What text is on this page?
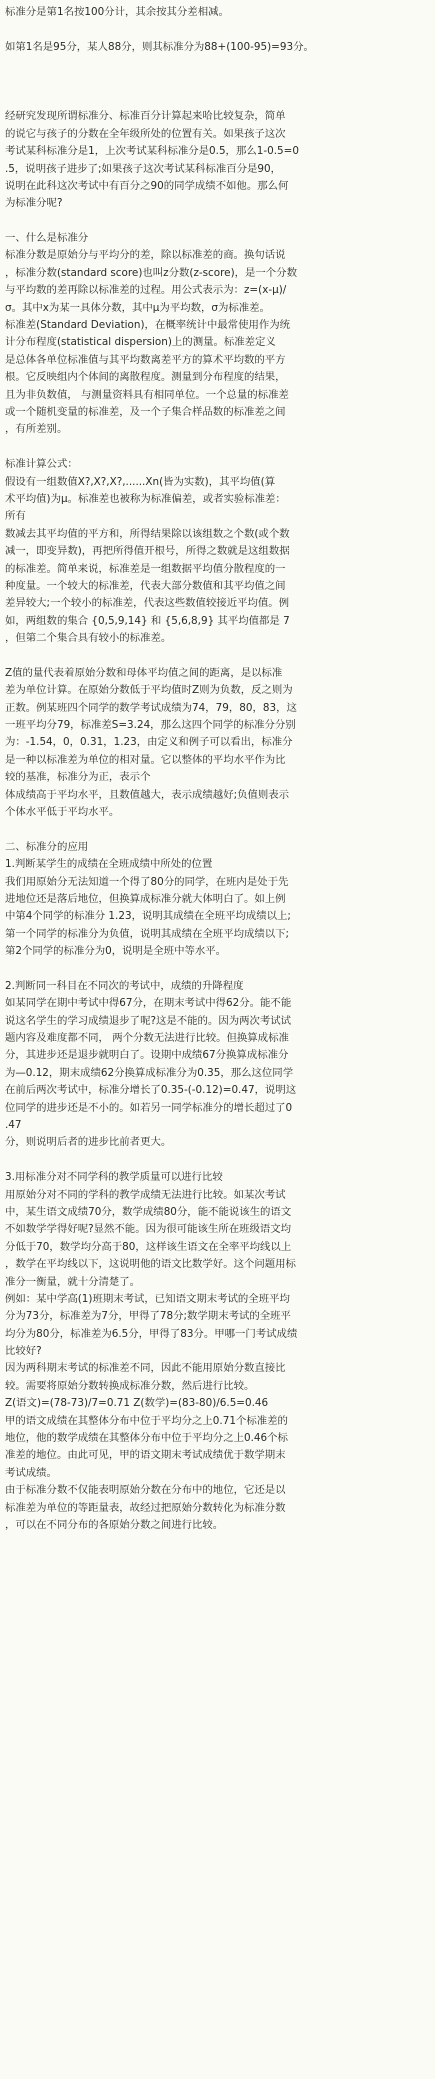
标准分是第1名按100分计，其余按其分差相减。
如第1名是95分，某人88分，则其标准分为88+(100-95)=93分。
经研究发现所谓标准分、标准百分计算起来哈比较复杂，简单
的说它与孩子的分数在全年级所处的位置有关。如果孩子这次
考试某科标准分是1，上次考试某科标准分是0.5，那么1-0.5=0
.5，说明孩子进步了;如果孩子这次考试某科标准百分是90，
说明在此科这次考试中有百分之90的同学成绩不如他。那么何
为标准分呢?
一、什么是标准分
标准分数是原始分与平均分的差，除以标准差的商。换句话说
，标准分数(standard score)也叫z分数(z-score)，是一个分数
与平均数的差再除以标准差的过程。用公式表示为：z=(x-μ)/
σ。其中x为某一具体分数，其中μ为平均数，σ为标准差。
标准差(Standard Deviation)，在概率统计中最常使用作为统
计分布程度(statistical dispersion)上的测量。标准差定义
是总体各单位标准值与其平均数离差平方的算术平均数的平方
根。它反映组内个体间的离散程度。测量到分布程度的结果，
且为非负数值， 与测量资料具有相同单位。一个总量的标准差
或一个随机变量的标准差，及一个子集合样品数的标准差之间
，有所差别。
标准计算公式：
假设有一组数值X?,X?,X?,......Xn(皆为实数)，其平均值(算
术平均值)为μ。标准差也被称为标准偏差，或者实验标准差：
所有
数减去其平均值的平方和，所得结果除以该组数之个数(或个数
减一，即变异数)，再把所得值开根号，所得之数就是这组数据
的标准差。简单来说，标准差是一组数据平均值分散程度的一
种度量。一个较大的标准差，代表大部分数值和其平均值之间
差异较大;一个较小的标准差，代表这些数值较接近平均值。例
如，两组数的集合 {0,5,9,14} 和 {5,6,8,9} 其平均值都是 7
，但第二个集合具有较小的标准差。
Z值的量代表着原始分数和母体平均值之间的距离，是以标准
差为单位计算。在原始分数低于平均值时Z则为负数，反之则为
正数。例某班四个同学的数学考试成绩为74，79，80，83，这
一班平均分79，标准差S=3.24，那么这四个同学的标准分分别
为：-1.54，0，0.31，1.23，由定义和例子可以看出，标准分
是一种以标准差为单位的相对量。它以整体的平均水平作为比
较的基准，标准分为正，表示个
体成绩高于平均水平，且数值越大，表示成绩越好;负值则表示
个体水平低于平均水平。
二、标准分的应用
1.判断某学生的成绩在全班成绩中所处的位置
我们用原始分无法知道一个得了80分的同学，在班内是处于先
进地位还是落后地位，但换算成标准分就大体明白了。如上例
中第4个同学的标准分 1.23，说明其成绩在全班平均成绩以上;
第一个同学的标准分为负值，说明其成绩在全班平均成绩以下;
第2个同学的标准分为0，说明是全班中等水平。
2.判断同一科目在不同次的考试中，成绩的升降程度
如某同学在期中考试中得67分，在期末考试中得62分。能不能
说这名学生的学习成绩退步了呢?这是不能的。因为两次考试试
题内容及难度都不同， 两个分数无法进行比较。但换算成标准
分，其进步还是退步就明白了。设期中成绩67分换算成标准分
为—0.12，期末成绩62分换算成标准分为0.35，那么这位同学
在前后两次考试中，标准分增长了0.35-(-0.12)=0.47，说明这
位同学的进步还是不小的。如若另一同学标准分的增长超过了0
.47
分，则说明后者的进步比前者更大。
3.用标准分对不同学科的教学质量可以进行比较
用原始分对不同的学科的教学成绩无法进行比较。如某次考试
中，某生语文成绩70分，数学成绩80分，能不能说该生的语文
不如数学学得好呢?显然不能。因为很可能该生所在班级语文均
分低于70，数学均分高于80，这样该生语文在全率平均线以上
，数学在平均线以下，这说明他的语文比数学好。这个问题用标
准分一衡量，就十分清楚了。
例如：某中学高(1)班期末考试，已知语文期末考试的全班平均
分为73分，标准差为7分，甲得了78分;数学期末考试的全班平
均分为80分，标准差为6.5分，甲得了83分。甲哪一门考试成绩
比较好?
因为两科期末考试的标准差不同，因此不能用原始分数直接比
较。需要将原始分数转换成标准分数，然后进行比较。
Z(语文)=(78-73)/7=0.71 Z(数学)=(83-80)/6.5=0.46
甲的语文成绩在其整体分布中位于平均分之上0.71个标准差的
地位，他的数学成绩在其整体分布中位于平均分之上0.46个标
准差的地位。由此可见，甲的语文期末考试成绩优于数学期末
考试成绩。
由于标准分数不仅能表明原始分数在分布中的地位，它还是以
标准差为单位的等距量表，故经过把原始分数转化为标准分数
，可以在不同分布的各原始分数之间进行比较。
